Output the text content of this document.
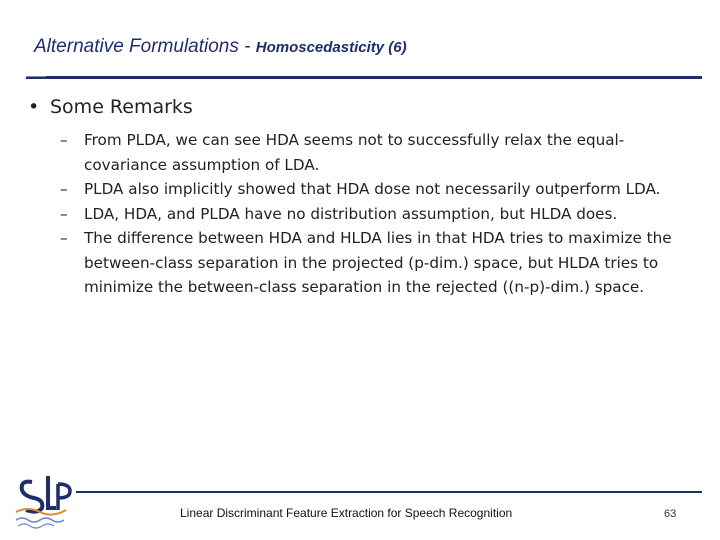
Alternative Formulations - Homoscedasticity (6)
• Some Remarks
– From PLDA, we can see HDA seems not to successfully relax the equal-covariance assumption of LDA.
– PLDA also implicitly showed that HDA dose not necessarily outperform LDA.
– LDA, HDA, and PLDA have no distribution assumption, but HLDA does.
– The difference between HDA and HLDA lies in that HDA tries to maximize the between-class separation in the projected (p-dim.) space, but HLDA tries to minimize the between-class separation in the rejected ((n-p)-dim.) space.
Linear Discriminant Feature Extraction for Speech Recognition	63
